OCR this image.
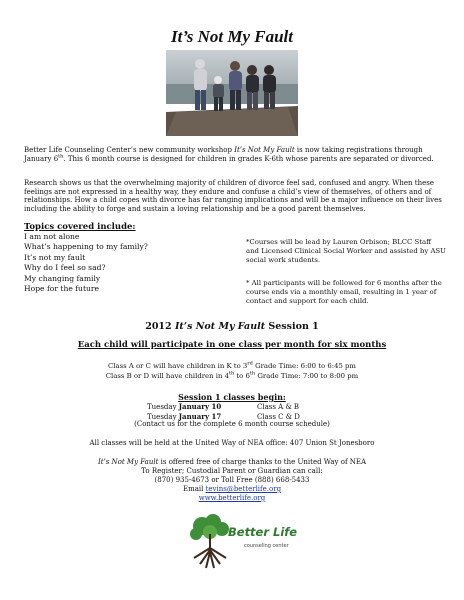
It’s Not My Fault
Better Life Counseling Center’s new community workshop It’s Not My Fault is now taking registrations through January 6th. This 6 month course is designed for children in grades K-6th whose parents are separated or divorced.
Research shows us that the overwhelming majority of children of divorce feel sad, confused and angry. When these feelings are not expressed in a healthy way, they endure and confuse a child’s view of themselves, of others and of relationships. How a child copes with divorce has far ranging implications and will be a major influence on their lives including the ability to forge and sustain a loving relationship and be a good parent themselves.
Topics covered include:
I am not alone
What’s happening to my family?
It’s not my fault
Why do I feel so sad?
My changing family
Hope for the future
*Courses will be lead by Lauren Orbison; BLCC Staff and Licensed Clinical Social Worker and assisted by ASU social work students.
* All participants will be followed for 6 months after the course ends via a monthly email, resulting in 1 year of contact and support for each child.
2012 It’s Not My Fault Session 1
Each child will participate in one class per month for six months
Class A or C will have children in K to 3rd Grade Time: 6:00 to 6:45 pm
Class B or D will have children in 4th to 6th Grade Time: 7:00 to 8:00 pm
Session 1 classes begin:
Tuesday January 10	Class A & B
Tuesday January 17	Class C & D
(Contact us for the complete 6 month course schedule)
All classes will be held at the United Way of NEA office: 407 Union St Jonesboro
It’s Not My Fault is offered free of charge thanks to the United Way of NEA
To Register; Custodial Parent or Guardian can call:
(870) 935-4673 or Toll Free (888) 668-5433
Email tevins@betterlife.org
www.betterlife.org
Better Life
counseling center
